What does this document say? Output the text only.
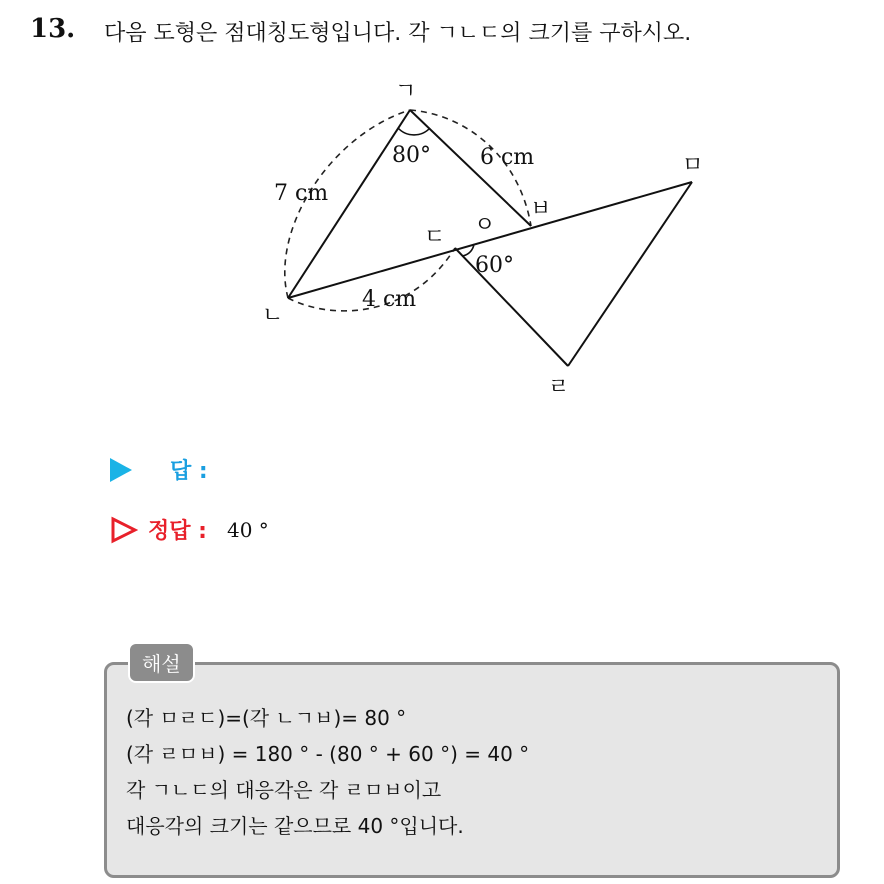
13. 다음 도형은 점대칭도형입니다. 각 ㄱㄴㄷ의 크기를 구하시오.
ㄱ
ㄴ
ㄷ
ㄹ
ㅁ
ㅂ
ㅇ
80°
60°
7 cm
6 cm
4 cm
답 :
정답 : 40 °
해설
(각 ㅁㄹㄷ)=(각 ㄴㄱㅂ)= 80 °
(각 ㄹㅁㅂ) = 180 ° - (80 ° + 60 °) = 40 °
각 ㄱㄴㄷ의 대응각은 각 ㄹㅁㅂ이고
대응각의 크기는 같으므로 40 °입니다.
